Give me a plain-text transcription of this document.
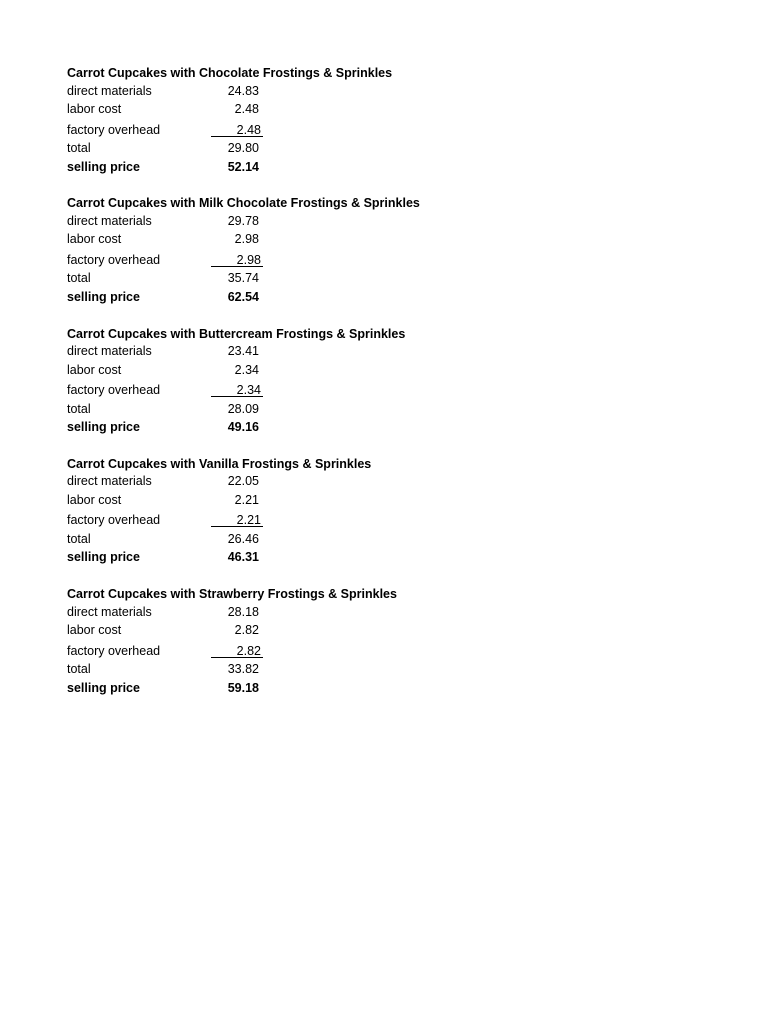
Carrot Cupcakes with Chocolate Frostings & Sprinkles
direct materials	24.83
labor cost	2.48
factory overhead	2.48
total	29.80
selling price	52.14
Carrot Cupcakes with Milk Chocolate Frostings & Sprinkles
direct materials	29.78
labor cost	2.98
factory overhead	2.98
total	35.74
selling price	62.54
Carrot Cupcakes with Buttercream Frostings & Sprinkles
direct materials	23.41
labor cost	2.34
factory overhead	2.34
total	28.09
selling price	49.16
Carrot Cupcakes with Vanilla Frostings & Sprinkles
direct materials	22.05
labor cost	2.21
factory overhead	2.21
total	26.46
selling price	46.31
Carrot Cupcakes with Strawberry Frostings & Sprinkles
direct materials	28.18
labor cost	2.82
factory overhead	2.82
total	33.82
selling price	59.18
